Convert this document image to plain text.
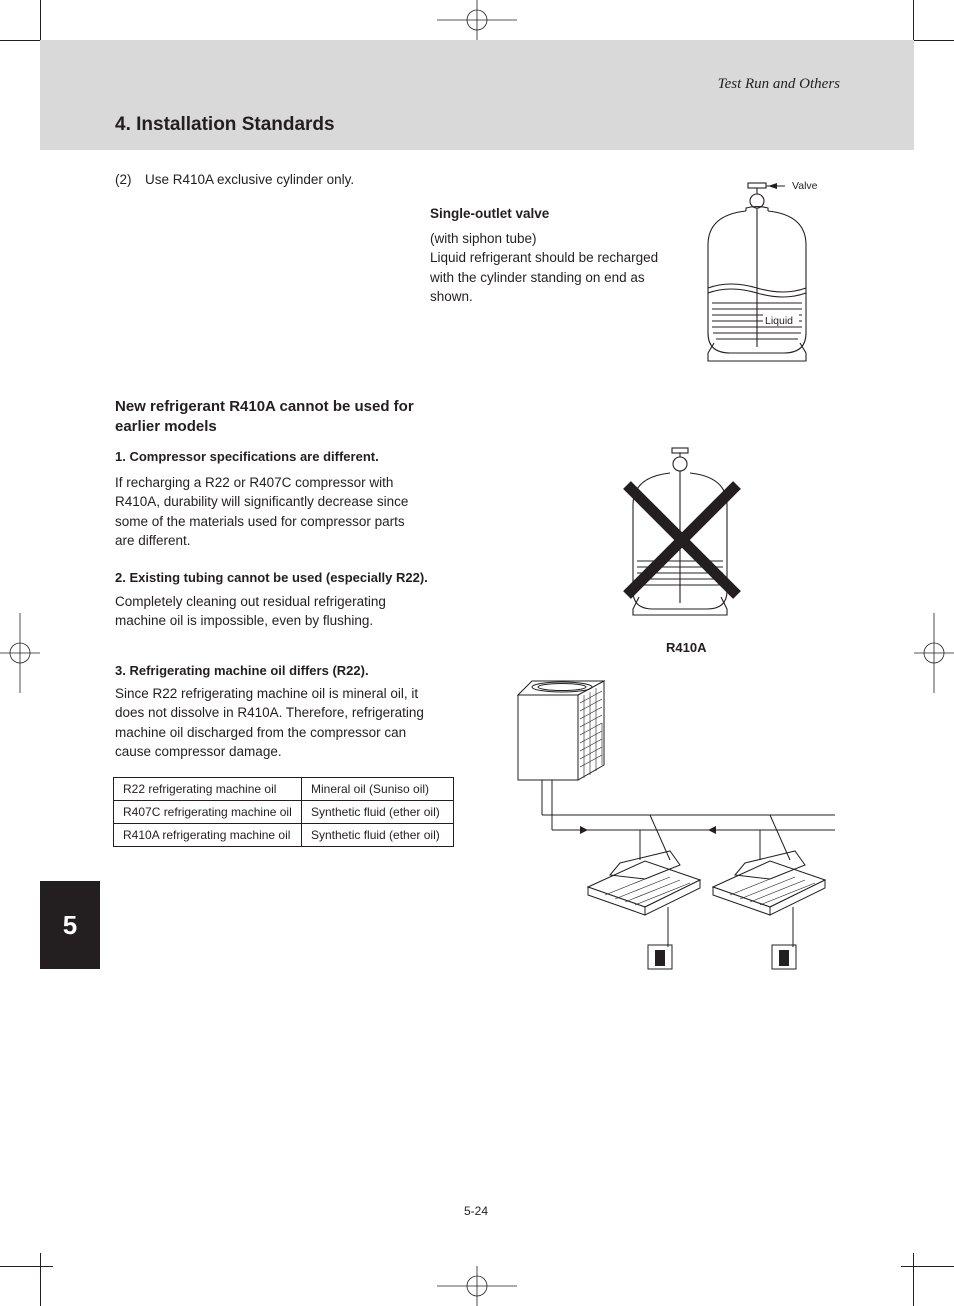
Test Run and Others
4. Installation Standards
(2) Use R410A exclusive cylinder only.
Single-outlet valve
(with siphon tube)
Liquid refrigerant should be recharged
with the cylinder standing on end as
shown.
Valve
Liquid
New refrigerant R410A cannot be used for
earlier models
1. Compressor specifications are different.
If recharging a R22 or R407C compressor with
R410A, durability will significantly decrease since
some of the materials used for compressor parts
are different.
2. Existing tubing cannot be used (especially R22).
Completely cleaning out residual refrigerating
machine oil is impossible, even by flushing.
3. Refrigerating machine oil differs (R22).
Since R22 refrigerating machine oil is mineral oil, it
does not dissolve in R410A. Therefore, refrigerating
machine oil discharged from the compressor can
cause compressor damage.
R22 refrigerating machine oil	Mineral oil (Suniso oil)
R407C refrigerating machine oil	Synthetic fluid (ether oil)
R410A refrigerating machine oil	Synthetic fluid (ether oil)
R410A
5
5-24
